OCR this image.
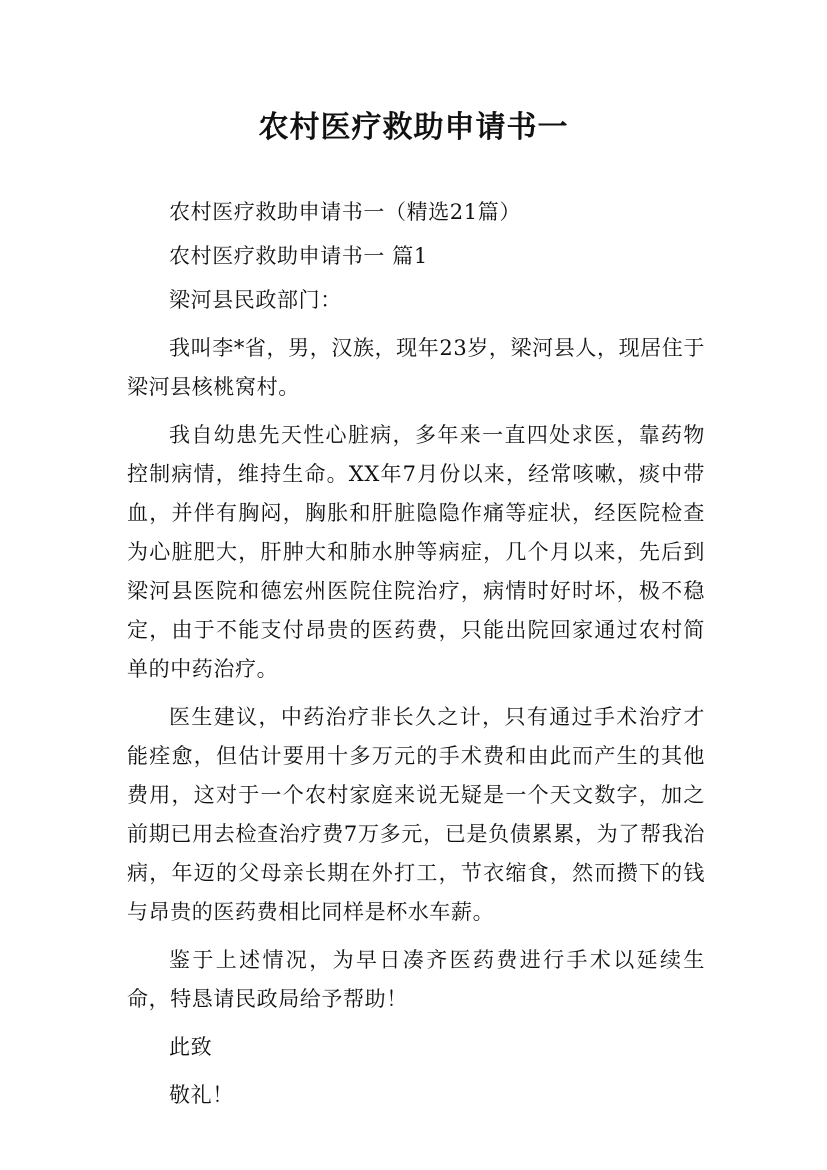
农村医疗救助申请书一

农村医疗救助申请书一（精选21篇）

农村医疗救助申请书一 篇1

梁河县民政部门：

我叫李*省，男，汉族，现年23岁，梁河县人，现居住于梁河县核桃窝村。

我自幼患先天性心脏病，多年来一直四处求医，靠药物控制病情，维持生命。XX年7月份以来，经常咳嗽，痰中带血，并伴有胸闷，胸胀和肝脏隐隐作痛等症状，经医院检查为心脏肥大，肝肿大和肺水肿等病症，几个月以来，先后到梁河县医院和德宏州医院住院治疗，病情时好时坏，极不稳定，由于不能支付昂贵的医药费，只能出院回家通过农村简单的中药治疗。

医生建议，中药治疗非长久之计，只有通过手术治疗才能痊愈，但估计要用十多万元的手术费和由此而产生的其他费用，这对于一个农村家庭来说无疑是一个天文数字，加之前期已用去检查治疗费7万多元，已是负债累累，为了帮我治病，年迈的父母亲长期在外打工，节衣缩食，然而攒下的钱与昂贵的医药费相比同样是杯水车薪。

鉴于上述情况，为早日凑齐医药费进行手术以延续生命，特恳请民政局给予帮助！

此致

敬礼！
